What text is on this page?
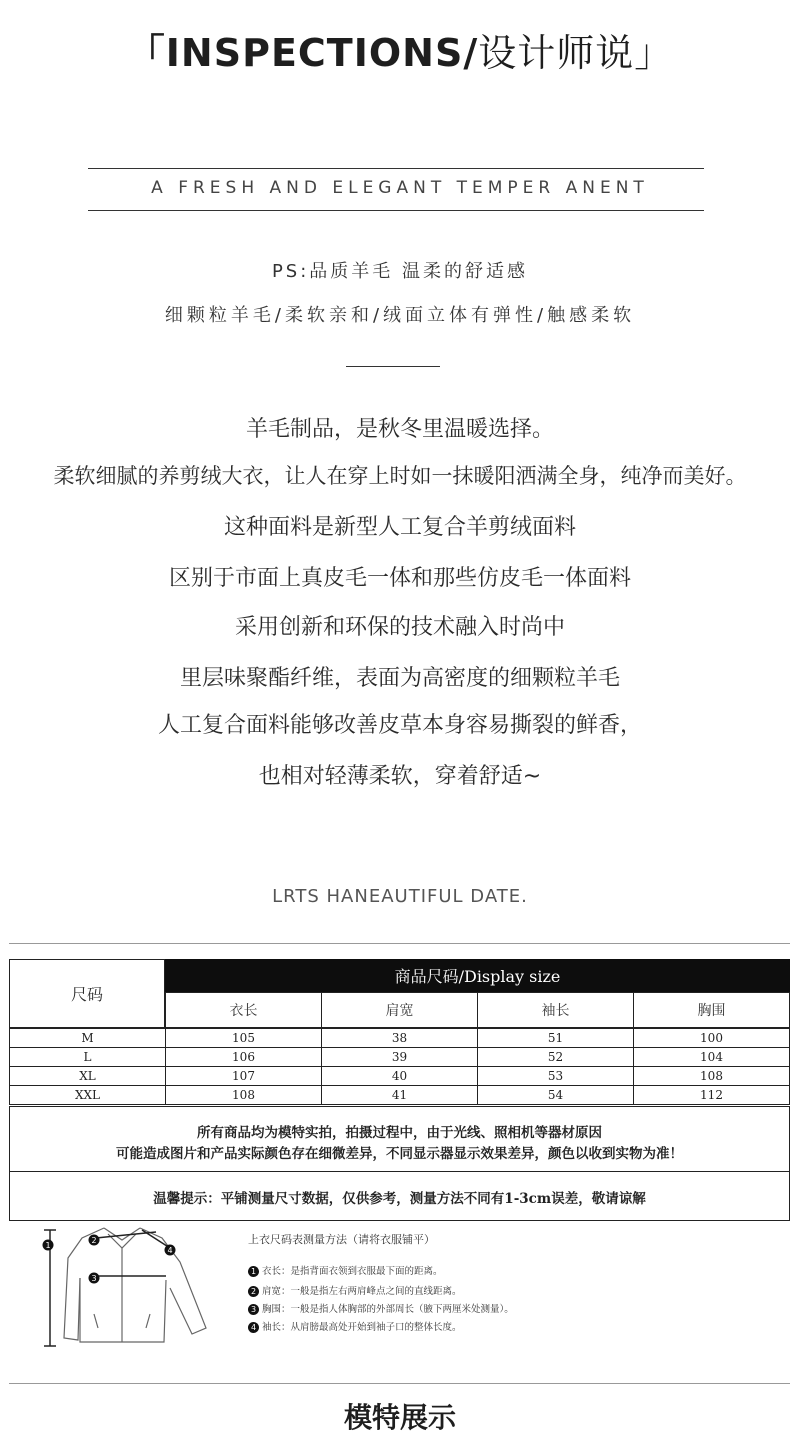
「INSPECTIONS/设计师说」
A FRESH AND ELEGANT TEMPER ANENT
PS:品质羊毛 温柔的舒适感
细颗粒羊毛/柔软亲和/绒面立体有弹性/触感柔软
羊毛制品，是秋冬里温暖选择。
柔软细腻的养剪绒大衣，让人在穿上时如一抹暖阳洒满全身，纯净而美好。
这种面料是新型人工复合羊剪绒面料
区别于市面上真皮毛一体和那些仿皮毛一体面料
采用创新和环保的技术融入时尚中
里层味聚酯纤维，表面为高密度的细颗粒羊毛
人工复合面料能够改善皮草本身容易撕裂的鲜香，
也相对轻薄柔软，穿着舒适~
LRTS HANEAUTIFUL DATE.
尺码
商品尺码/Display size
衣长	肩宽	袖长	胸围
M	105	38	51	100
L	106	39	52	104
XL	107	40	53	108
XXL	108	41	54	112
所有商品均为模特实拍，拍摄过程中，由于光线、照相机等器材原因
可能造成图片和产品实际颜色存在细微差异，不同显示器显示效果差异，颜色以收到实物为准！
温馨提示：平铺测量尺寸数据，仅供参考，测量方法不同有1-3cm误差，敬请谅解
1
2
3
4
上衣尺码表测量方法（请将衣服铺平）
1 衣长：是指背面衣领到衣服最下面的距离。
2 肩宽：一般是指左右两肩峰点之间的直线距离。
3 胸围：一般是指人体胸部的外部周长（腋下两厘米处测量）。
4 袖长：从肩膀最高处开始到袖子口的整体长度。
模特展示
